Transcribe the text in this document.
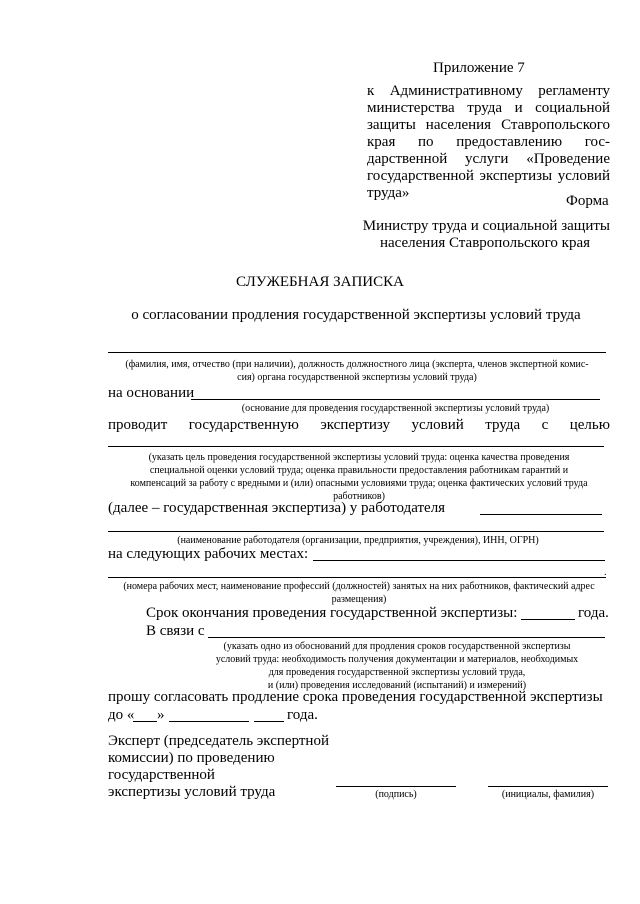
Приложение 7
к Административному регламенту
министерства труда и социальной
защиты населения Ставропольского
края по предоставлению гос-
дарственной услуги «Проведение
государственной экспертизы условий
труда»	Форма
Министру труда и социальной защиты
населения Ставропольского края
СЛУЖЕБНАЯ ЗАПИСКА
о согласовании продления государственной экспертизы условий труда
(фамилия, имя, отчество (при наличии), должность должностного лица (эксперта, членов экспертной комис-
сия) органа государственной экспертизы условий труда)
на основании
(основание для проведения государственной экспертизы условий труда)
проводит государственную экспертизу условий труда с целью
(указать цель проведения государственной экспертизы условий труда: оценка качества проведения
специальной оценки условий труда; оценка правильности предоставления работникам гарантий и
компенсаций за работу с вредными и (или) опасными условиями труда; оценка фактических условий труда
работников)
(далее – государственная экспертиза) у работодателя
(наименование работодателя (организации, предприятия, учреждения), ИНН, ОГРН)
на следующих рабочих местах:
.
(номера рабочих мест, наименование профессий (должностей) занятых на них работников, фактический адрес
размещения)
Срок окончания проведения государственной экспертизы:	года.
В связи с
(указать одно из обоснований для продления сроков государственной экспертизы
условий труда: необходимость получения документации и материалов, необходимых
для проведения государственной экспертизы условий труда,
и (или) проведения исследований (испытаний) и измерений)
прошу согласовать продление срока проведения государственной экспертизы
до « »	года.
Эксперт (председатель экспертной
комиссии) по проведению
государственной
экспертизы условий труда	(подпись)	(инициалы, фамилия)
